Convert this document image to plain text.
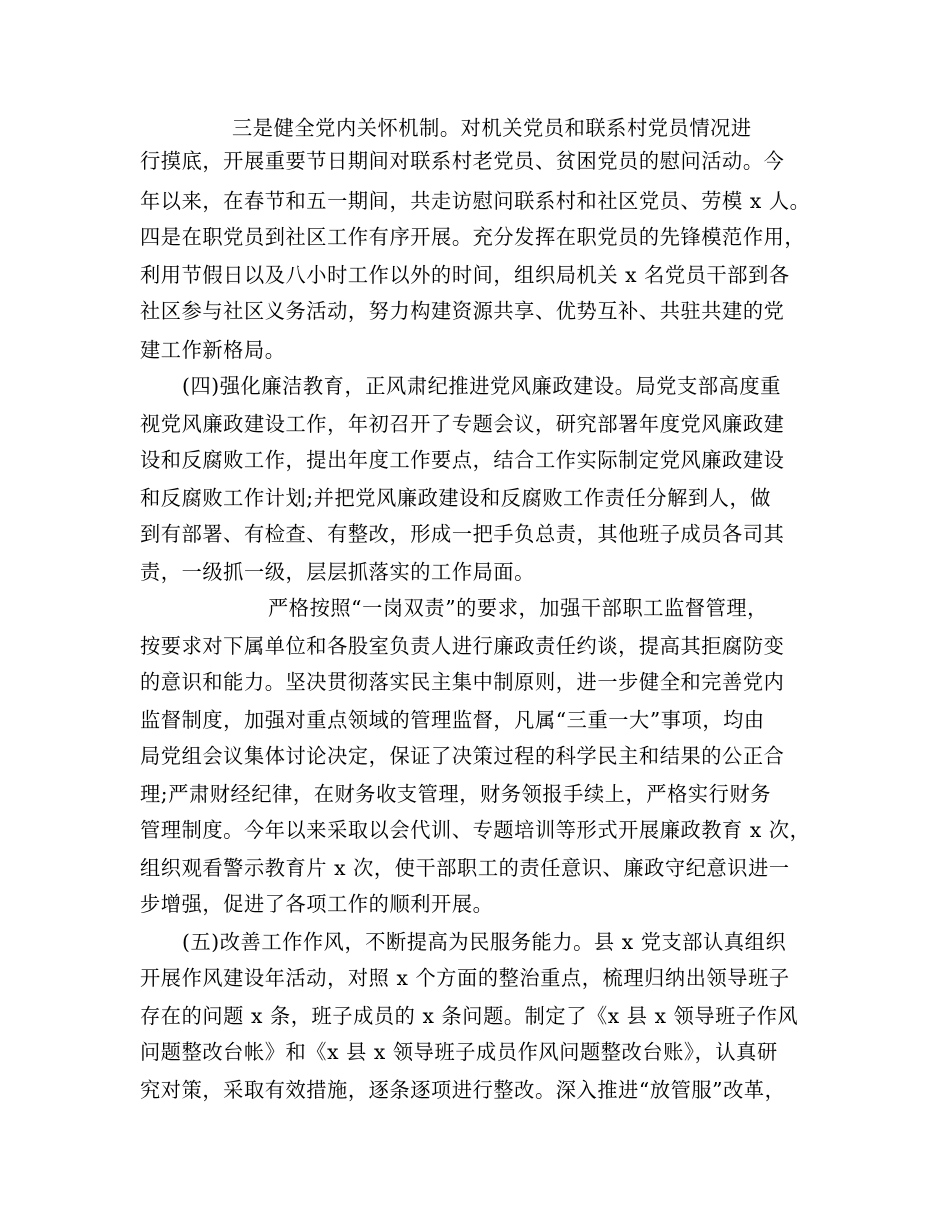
三是健全党内关怀机制。对机关党员和联系村党员情况进
行摸底，开展重要节日期间对联系村老党员、贫困党员的慰问活动。今
年以来，在春节和五一期间，共走访慰问联系村和社区党员、劳模 x 人。
四是在职党员到社区工作有序开展。充分发挥在职党员的先锋模范作用，
利用节假日以及八小时工作以外的时间，组织局机关 x 名党员干部到各
社区参与社区义务活动，努力构建资源共享、优势互补、共驻共建的党
建工作新格局。
(四)强化廉洁教育，正风肃纪推进党风廉政建设。局党支部高度重
视党风廉政建设工作，年初召开了专题会议，研究部署年度党风廉政建
设和反腐败工作，提出年度工作要点，结合工作实际制定党风廉政建设
和反腐败工作计划;并把党风廉政建设和反腐败工作责任分解到人，做
到有部署、有检查、有整改，形成一把手负总责，其他班子成员各司其
责，一级抓一级，层层抓落实的工作局面。
严格按照“一岗双责”的要求，加强干部职工监督管理，
按要求对下属单位和各股室负责人进行廉政责任约谈，提高其拒腐防变
的意识和能力。坚决贯彻落实民主集中制原则，进一步健全和完善党内
监督制度，加强对重点领域的管理监督，凡属“三重一大”事项，均由
局党组会议集体讨论决定，保证了决策过程的科学民主和结果的公正合
理;严肃财经纪律，在财务收支管理，财务领报手续上，严格实行财务
管理制度。今年以来采取以会代训、专题培训等形式开展廉政教育 x 次，
组织观看警示教育片 x 次，使干部职工的责任意识、廉政守纪意识进一
步增强，促进了各项工作的顺利开展。
(五)改善工作作风，不断提高为民服务能力。县 x 党支部认真组织
开展作风建设年活动，对照 x 个方面的整治重点，梳理归纳出领导班子
存在的问题 x 条，班子成员的 x 条问题。制定了《x 县 x 领导班子作风
问题整改台帐》和《x 县 x 领导班子成员作风问题整改台账》，认真研
究对策，采取有效措施，逐条逐项进行整改。深入推进“放管服”改革，
